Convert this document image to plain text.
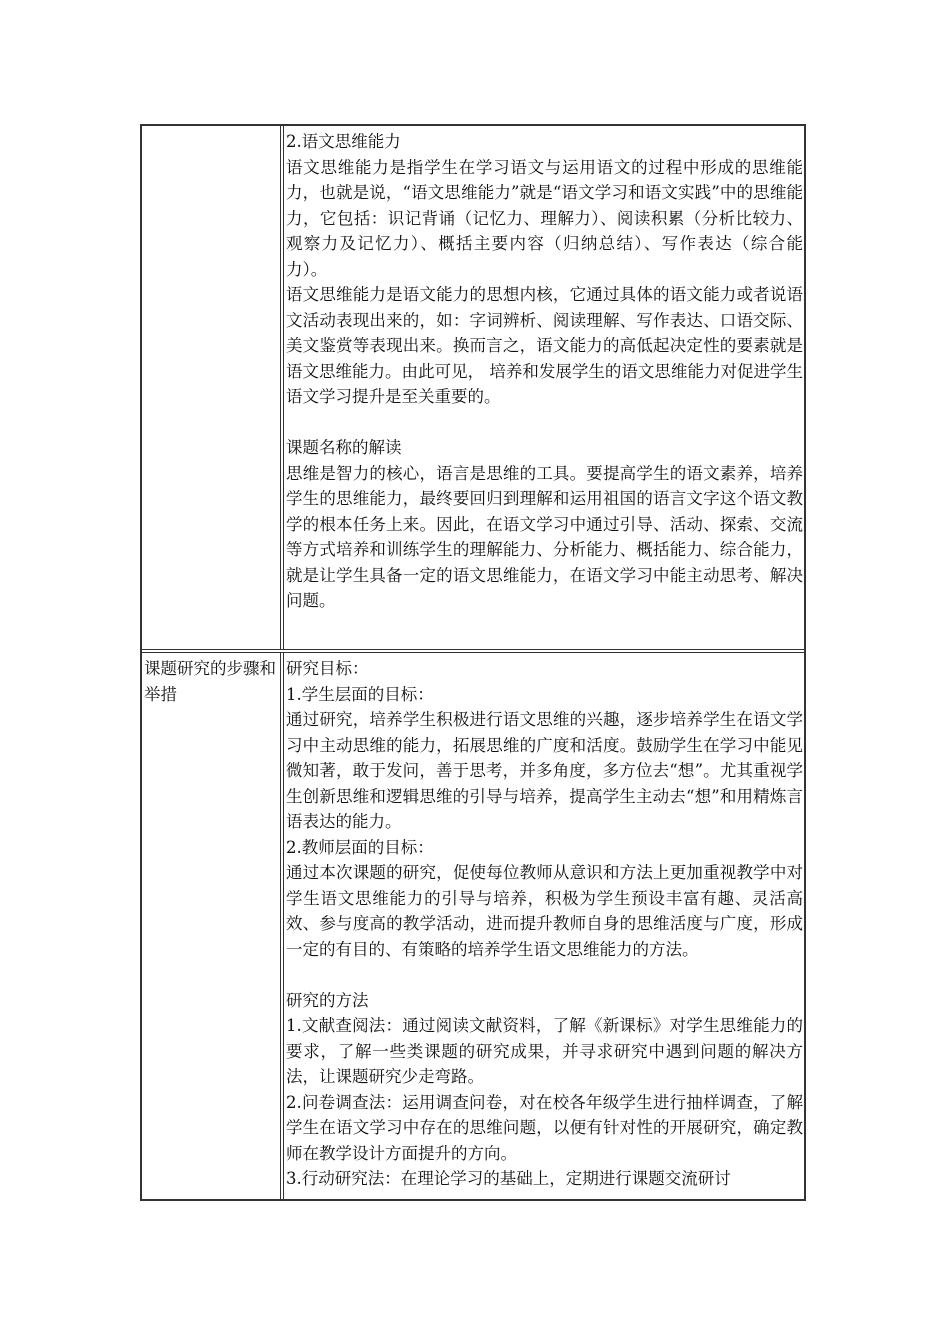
2.语文思维能力

语文思维能力是指学生在学习语文与运用语文的过程中形成的思维能力，也就是说，“语文思维能力”就是“语文学习和语文实践”中的思维能力，它包括：识记背诵（记忆力、理解力）、阅读积累（分析比较力、观察力及记忆力）、概括主要内容（归纳总结）、写作表达（综合能力）。

语文思维能力是语文能力的思想内核，它通过具体的语文能力或者说语文活动表现出来的，如：字词辨析、阅读理解、写作表达、口语交际、美文鉴赏等表现出来。换而言之，语文能力的高低起决定性的要素就是语文思维能力。由此可见， 培养和发展学生的语文思维能力对促进学生语文学习提升是至关重要的。

课题名称的解读

思维是智力的核心，语言是思维的工具。要提高学生的语文素养，培养学生的思维能力，最终要回归到理解和运用祖国的语言文字这个语文教学的根本任务上来。因此，在语文学习中通过引导、活动、探索、交流等方式培养和训练学生的理解能力、分析能力、概括能力、综合能力，就是让学生具备一定的语文思维能力，在语文学习中能主动思考、解决问题。

课题研究的步骤和举措

研究目标：

1.学生层面的目标：

通过研究，培养学生积极进行语文思维的兴趣，逐步培养学生在语文学习中主动思维的能力，拓展思维的广度和活度。鼓励学生在学习中能见微知著，敢于发问，善于思考，并多角度，多方位去“想”。尤其重视学生创新思维和逻辑思维的引导与培养，提高学生主动去“想”和用精炼言语表达的能力。

2.教师层面的目标：

通过本次课题的研究，促使每位教师从意识和方法上更加重视教学中对学生语文思维能力的引导与培养，积极为学生预设丰富有趣、灵活高效、参与度高的教学活动，进而提升教师自身的思维活度与广度，形成一定的有目的、有策略的培养学生语文思维能力的方法。

研究的方法

1.文献查阅法：通过阅读文献资料，了解《新课标》对学生思维能力的要求，了解一些类课题的研究成果，并寻求研究中遇到问题的解决方法，让课题研究少走弯路。

2.问卷调查法：运用调查问卷，对在校各年级学生进行抽样调查，了解学生在语文学习中存在的思维问题，以便有针对性的开展研究，确定教师在教学设计方面提升的方向。

3.行动研究法：在理论学习的基础上，定期进行课题交流研讨
